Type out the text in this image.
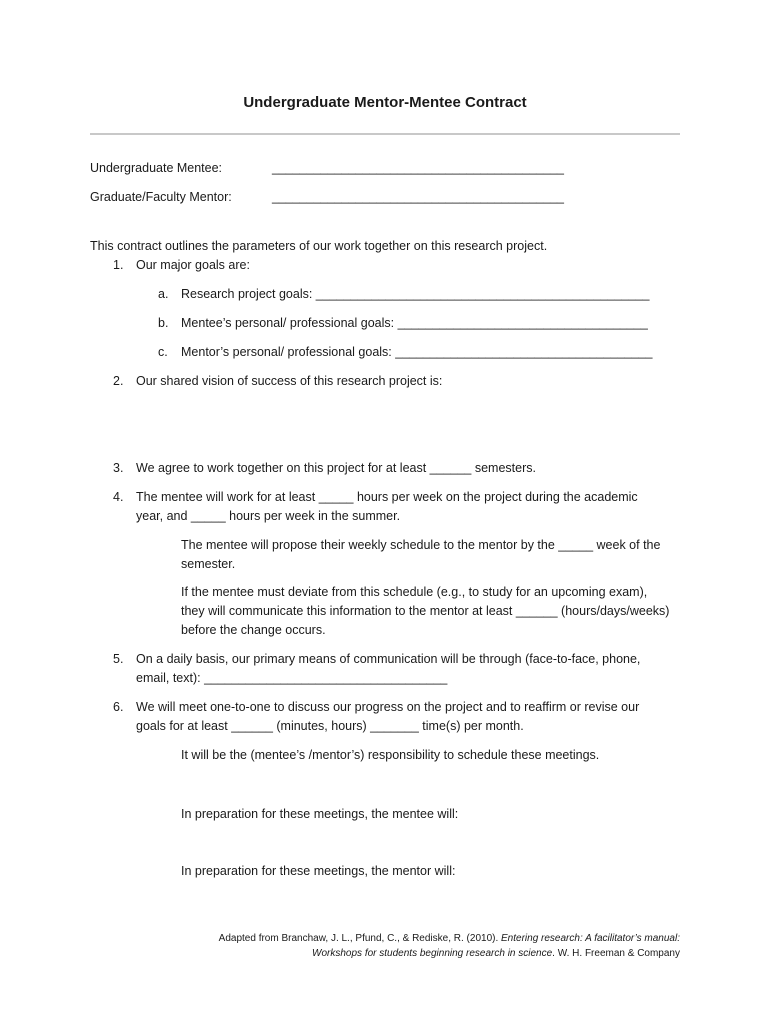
Undergraduate Mentor-Mentee Contract
Undergraduate Mentee:	__________________________________________
Graduate/Faculty Mentor:	__________________________________________
This contract outlines the parameters of our work together on this research project.
1. Our major goals are:
a. Research project goals: ________________________________________________
b. Mentee’s personal/ professional goals: ____________________________________
c. Mentor’s personal/ professional goals: _____________________________________
2. Our shared vision of success of this research project is:
3. We agree to work together on this project for at least ______ semesters.
4. The mentee will work for at least _____ hours per week on the project during the academic year, and _____ hours per week in the summer.
The mentee will propose their weekly schedule to the mentor by the _____ week of the semester.
If the mentee must deviate from this schedule (e.g., to study for an upcoming exam), they will communicate this information to the mentor at least ______ (hours/days/weeks) before the change occurs.
5. On a daily basis, our primary means of communication will be through (face-to-face, phone, email, text): ___________________________________
6. We will meet one-to-one to discuss our progress on the project and to reaffirm or revise our goals for at least ______ (minutes, hours) _______ time(s) per month.
It will be the (mentee’s /mentor’s) responsibility to schedule these meetings.
In preparation for these meetings, the mentee will:
In preparation for these meetings, the mentor will:
Adapted from Branchaw, J. L., Pfund, C., & Rediske, R. (2010). Entering research: A facilitator’s manual:
Workshops for students beginning research in science. W. H. Freeman & Company
